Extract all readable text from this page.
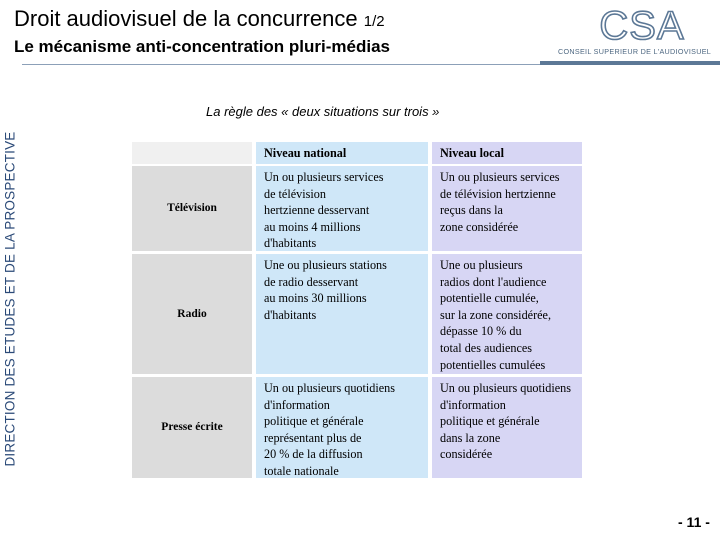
Droit audiovisuel de la concurrence 1/2
Le mécanisme anti-concentration pluri-médias	CSA
CONSEIL SUPERIEUR DE L'AUDIOVISUEL
DIRECTION DES ETUDES ET DE LA PROSPECTIVE
La règle des « deux situations sur trois »
Niveau national	Niveau local
Télévision
Un ou plusieurs services
de télévision
hertzienne desservant
au moins 4 millions
d'habitants
Un ou plusieurs services
de télévision hertzienne
reçus dans la
zone considérée
Radio
Une ou plusieurs stations
de radio desservant
au moins 30 millions
d'habitants
Une ou plusieurs
radios dont l'audience
potentielle cumulée,
sur la zone considérée,
dépasse 10 % du
total des audiences
potentielles cumulées
Presse écrite
Un ou plusieurs quotidiens
d'information
politique et générale
représentant plus de
20 % de la diffusion
totale nationale
Un ou plusieurs quotidiens
d'information
politique et générale
dans la zone
considérée
- 11 -
